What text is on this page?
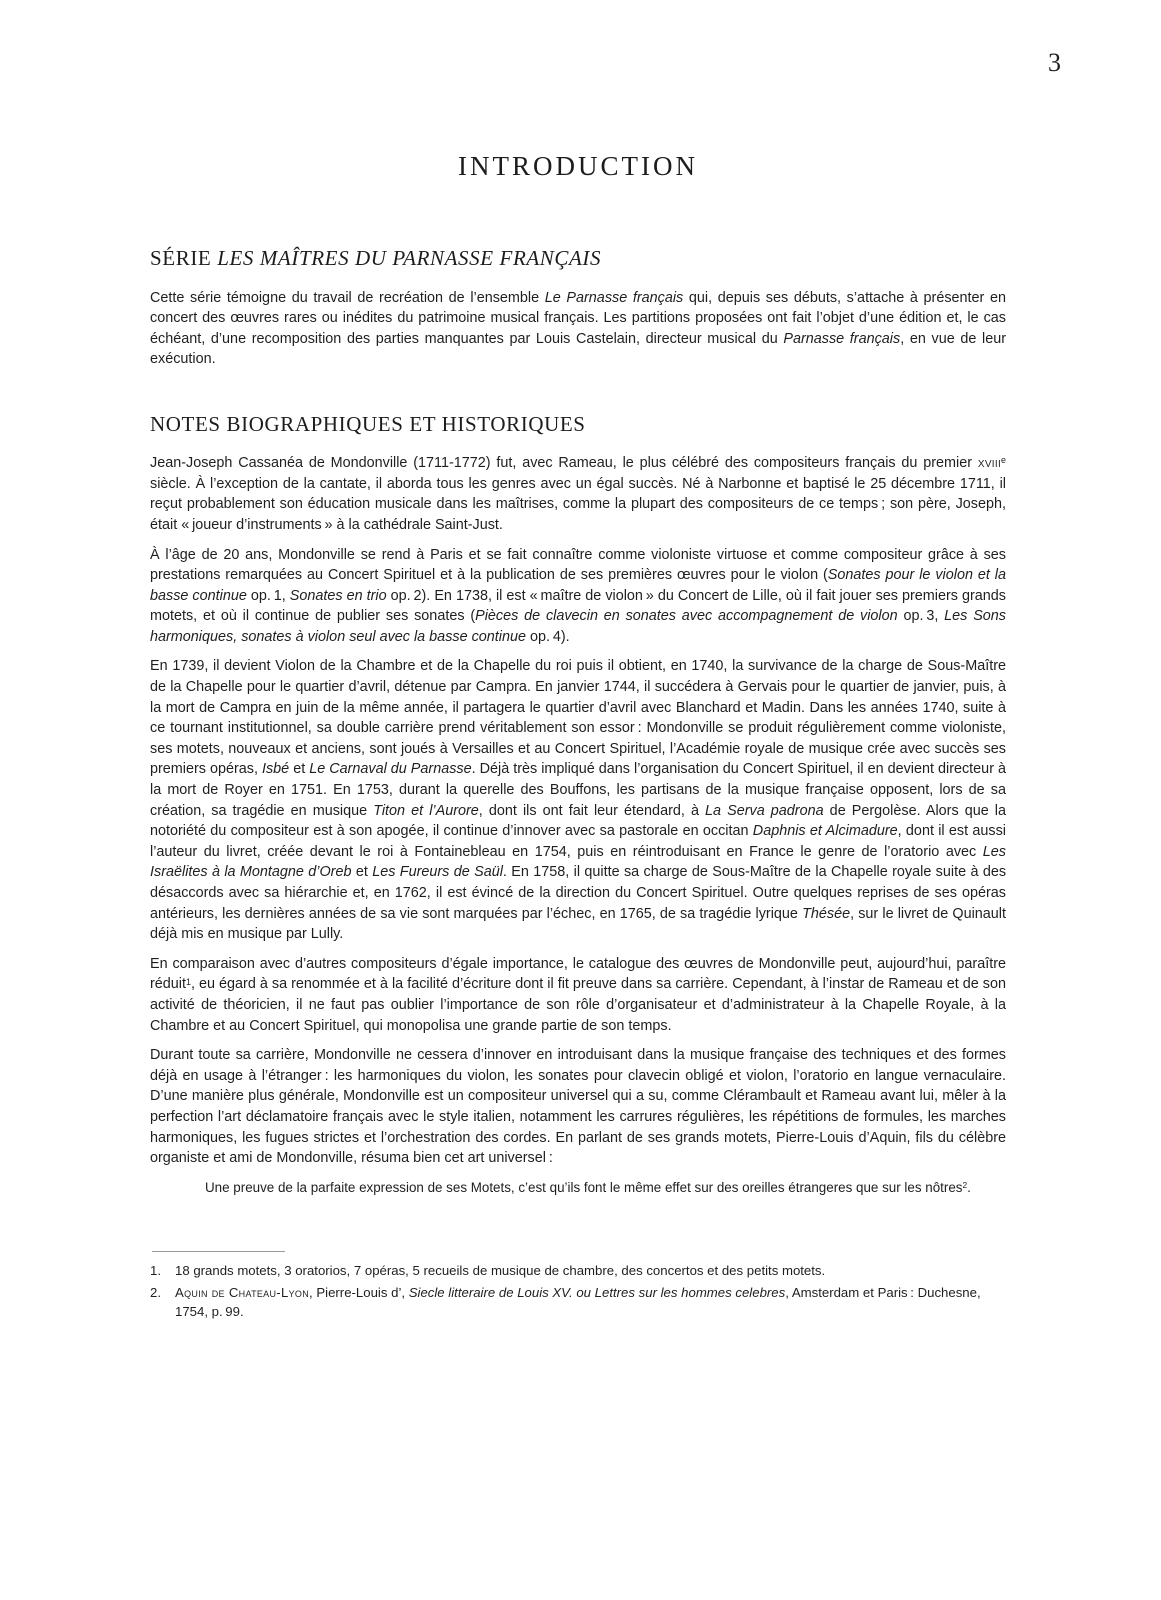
3
INTRODUCTION
SÉRIE LES MAÎTRES DU PARNASSE FRANÇAIS

Cette série témoigne du travail de recréation de l’ensemble Le Parnasse français qui, depuis ses débuts, s’attache à présenter en concert des œuvres rares ou inédites du patrimoine musical français. Les partitions proposées ont fait l’objet d’une édition et, le cas échéant, d’une recomposition des parties manquantes par Louis Castelain, directeur musical du Parnasse français, en vue de leur exécution.

NOTES BIOGRAPHIQUES ET HISTORIQUES

Jean-Joseph Cassanéa de Mondonville (1711-1772) fut, avec Rameau, le plus célébré des compositeurs français du premier xviii$^e$ siècle. À l’exception de la cantate, il aborda tous les genres avec un égal succès. Né à Narbonne et baptisé le 25 décembre 1711, il reçut probablement son éducation musicale dans les maîtrises, comme la plupart des compositeurs de ce temps ; son père, Joseph, était « joueur d’instruments » à la cathédrale Saint-Just.

À l’âge de 20 ans, Mondonville se rend à Paris et se fait connaître comme violoniste virtuose et comme compositeur grâce à ses prestations remarquées au Concert Spirituel et à la publication de ses premières œuvres pour le violon (Sonates pour le violon et la basse continue op. 1, Sonates en trio op. 2). En 1738, il est « maître de violon » du Concert de Lille, où il fait jouer ses premiers grands motets, et où il continue de publier ses sonates (Pièces de clavecin en sonates avec accompagnement de violon op. 3, Les Sons harmoniques, sonates à violon seul avec la basse continue op. 4).

En 1739, il devient Violon de la Chambre et de la Chapelle du roi puis il obtient, en 1740, la survivance de la charge de Sous-Maître de la Chapelle pour le quartier d’avril, détenue par Campra. En janvier 1744, il succédera à Gervais pour le quartier de janvier, puis, à la mort de Campra en juin de la même année, il partagera le quartier d’avril avec Blanchard et Madin. Dans les années 1740, suite à ce tournant institutionnel, sa double carrière prend véritablement son essor : Mondonville se produit régulièrement comme violoniste, ses motets, nouveaux et anciens, sont joués à Versailles et au Concert Spirituel, l’Académie royale de musique crée avec succès ses premiers opéras, Isbé et Le Carnaval du Parnasse. Déjà très impliqué dans l’organisation du Concert Spirituel, il en devient directeur à la mort de Royer en 1751. En 1753, durant la querelle des Bouffons, les partisans de la musique française opposent, lors de sa création, sa tragédie en musique Titon et l’Aurore, dont ils ont fait leur étendard, à La Serva padrona de Pergolèse. Alors que la notoriété du compositeur est à son apogée, il continue d’innover avec sa pastorale en occitan Daphnis et Alcimadure, dont il est aussi l’auteur du livret, créée devant le roi à Fontainebleau en 1754, puis en réintroduisant en France le genre de l’oratorio avec Les Israëlites à la Montagne d’Oreb et Les Fureurs de Saül. En 1758, il quitte sa charge de Sous-Maître de la Chapelle royale suite à des désaccords avec sa hiérarchie et, en 1762, il est évincé de la direction du Concert Spirituel. Outre quelques reprises de ses opéras antérieurs, les dernières années de sa vie sont marquées par l’échec, en 1765, de sa tragédie lyrique Thésée, sur le livret de Quinault déjà mis en musique par Lully.

En comparaison avec d’autres compositeurs d’égale importance, le catalogue des œuvres de Mondonville peut, aujourd’hui, paraître réduit$^1$, eu égard à sa renommée et à la facilité d’écriture dont il fit preuve dans sa carrière. Cependant, à l’instar de Rameau et de son activité de théoricien, il ne faut pas oublier l’importance de son rôle d’organisateur et d’administrateur à la Chapelle Royale, à la Chambre et au Concert Spirituel, qui monopolisa une grande partie de son temps.

Durant toute sa carrière, Mondonville ne cessera d’innover en introduisant dans la musique française des techniques et des formes déjà en usage à l’étranger : les harmoniques du violon, les sonates pour clavecin obligé et violon, l’oratorio en langue vernaculaire. D’une manière plus générale, Mondonville est un compositeur universel qui a su, comme Clérambault et Rameau avant lui, mêler à la perfection l’art déclamatoire français avec le style italien, notamment les carrures régulières, les répétitions de formules, les marches harmoniques, les fugues strictes et l’orchestration des cordes. En parlant de ses grands motets, Pierre-Louis d’Aquin, fils du célèbre organiste et ami de Mondonville, résuma bien cet art universel :

Une preuve de la parfaite expression de ses Motets, c’est qu’ils font le même effet sur des oreilles étrangeres que sur les nôtres$^2$.
1.	18 grands motets, 3 oratorios, 7 opéras, 5 recueils de musique de chambre, des concertos et des petits motets.
2.	Aquin de Chateau-Lyon, Pierre-Louis d’, Siecle litteraire de Louis XV. ou Lettres sur les hommes celebres, Amsterdam et Paris : Duchesne, 1754, p. 99.
